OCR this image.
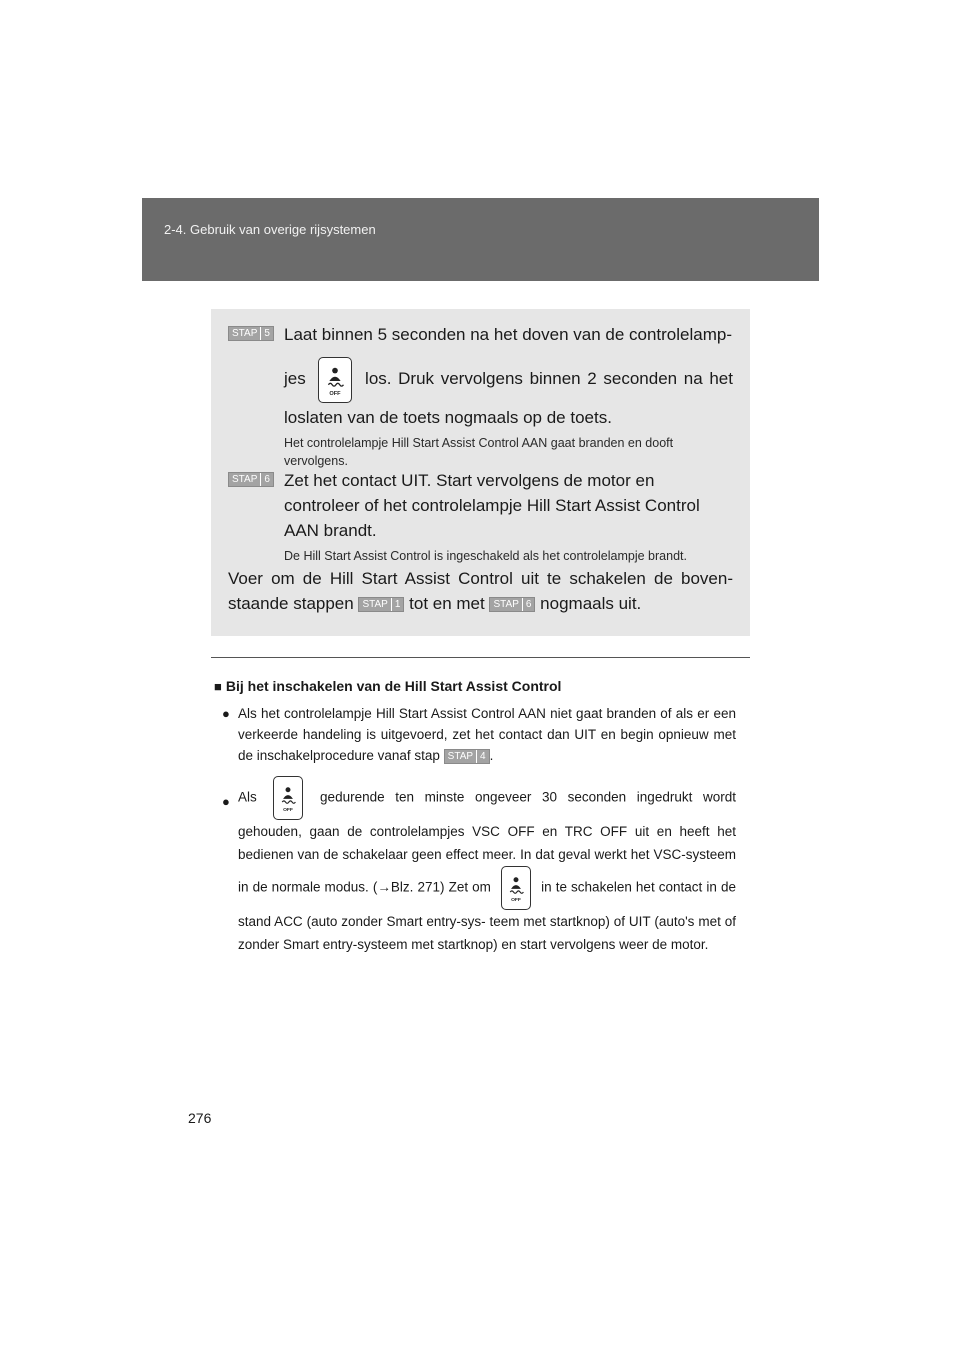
2-4. Gebruik van overige rijsystemen
STAP 5 Laat binnen 5 seconden na het doven van de controlelamp-
jes
OFF
los. Druk vervolgens binnen 2 seconden na het
loslaten van de toets nogmaals op de toets.
Het controlelampje Hill Start Assist Control AAN gaat branden en dooft vervolgens.
STAP 6 Zet het contact UIT. Start vervolgens de motor en controleer of het controlelampje Hill Start Assist Control AAN brandt.
De Hill Start Assist Control is ingeschakeld als het controlelampje brandt.
Voer om de Hill Start Assist Control uit te schakelen de boven- staande stappen STAP 1 tot en met STAP 6 nogmaals uit.
■ Bij het inschakelen van de Hill Start Assist Control
● Als het controlelampje Hill Start Assist Control AAN niet gaat branden of als er een verkeerde handeling is uitgevoerd, zet het contact dan UIT en begin opnieuw met de inschakelprocedure vanaf stap STAP 4 .
● Als
OFF
gedurende ten minste ongeveer 30 seconden ingedrukt wordt gehouden, gaan de controlelampjes VSC OFF en TRC OFF uit en heeft het bedienen van de schakelaar geen effect meer. In dat geval werkt het VSC-systeem in de normale modus. (→Blz. 271) Zet om
OFF
in te schakelen het contact in de stand ACC (auto zonder Smart entry-sys- teem met startknop) of UIT (auto's met of zonder Smart entry-systeem met startknop) en start vervolgens weer de motor.
276
